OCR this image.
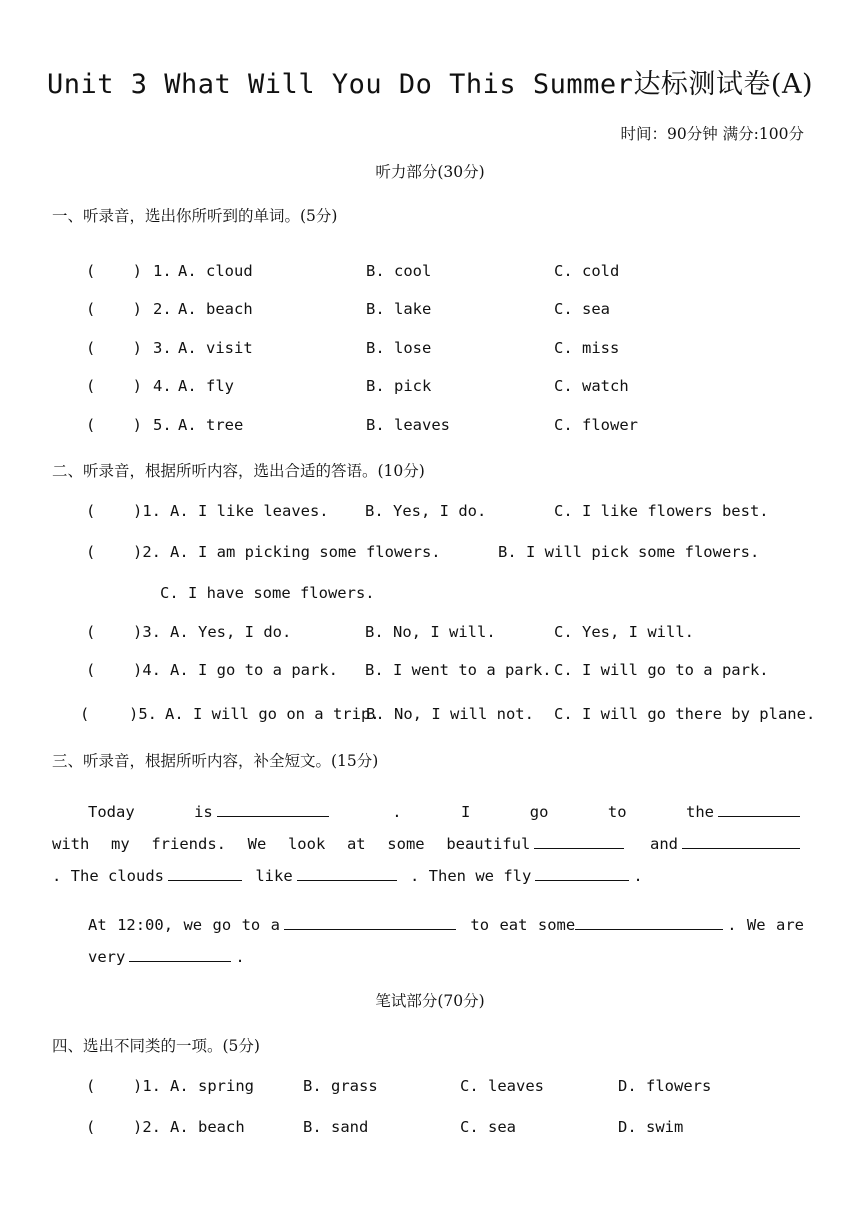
Unit 3 What Will You Do This Summer达标测试卷(A)
时间：90分钟 满分:100分
听力部分(30分)
一、听录音，选出你所听到的单词。(5分)
(    ) 1. A. cloud	B. cool	C. cold
(    ) 2. A. beach	B. lake	C. sea
(    ) 3. A. visit	B. lose	C. miss
(    ) 4. A. fly	B. pick	C. watch
(    ) 5. A. tree	B. leaves	C. flower
二、听录音，根据所听内容，选出合适的答语。(10分)
( )1. A. I like leaves. B. Yes, I do.	C. I like flowers best.
( )2. A. I am picking some flowers.	B. I will pick some flowers.
C. I have some flowers.
( )3. A. Yes, I do.	B. No, I will.	C. Yes, I will.
( )4. A. I go to a park. B. I went to a park. C. I will go to a park.
(	)5. A. I will go on a trip.
B. No, I will not. C. I will go there by plane.
三、听录音，根据所听内容，补全短文。(15分)
Today is	. I go to the with my friends. We look at some beautiful	and . The clouds	like	. Then we fly	.
At 12:00, we go to a	to eat some	. We are very	.
笔试部分(70分)
四、选出不同类的一项。(5分)
( )1. A. spring	B. grass	C. leaves	D. flowers
( )2. A. beach	B. sand	C. sea	D. swim
